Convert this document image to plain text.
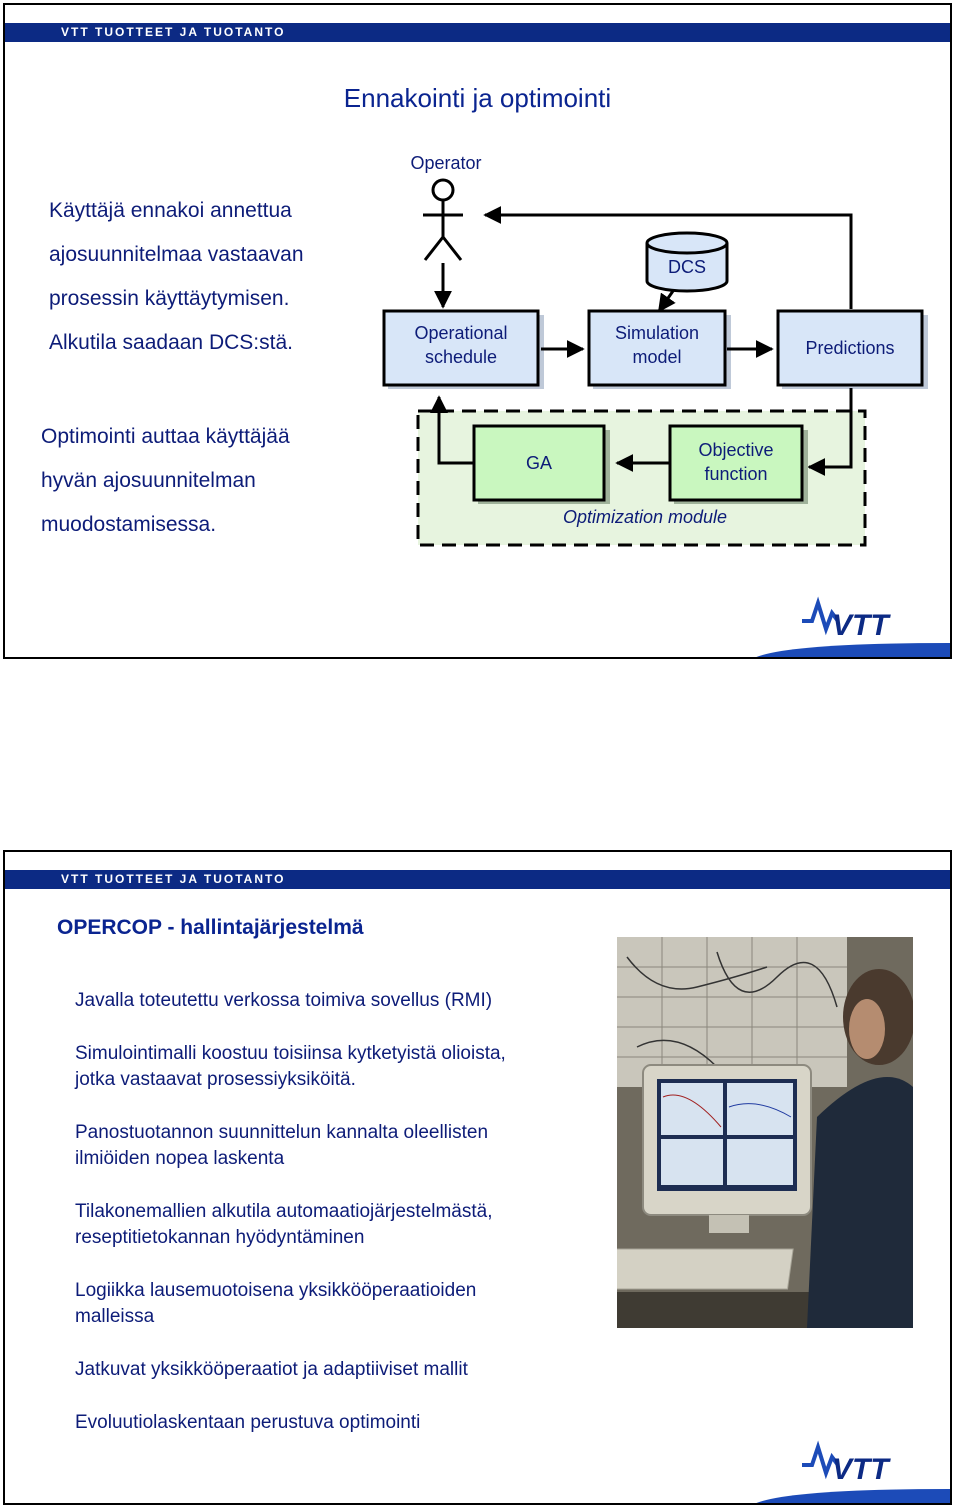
VTT TUOTTEET JA TUOTANTO
Ennakointi ja optimointi
Käyttäjä ennakoi annettua
ajosuunnitelmaa vastaavan
prosessin käyttäytymisen.
Alkutila saadaan DCS:stä.
Optimointi auttaa käyttäjää
hyvän ajosuunnitelman
muodostamisessa.
Operator
DCS
Operational
schedule
Simulation
model	Predictions
Objective
function
GA
Optimization module
VTT
VTT TUOTTEET JA TUOTANTO
OPERCOP - hallintajärjestelmä
Javalla toteutettu verkossa toimiva sovellus (RMI)
Simulointimalli koostuu toisiinsa kytketyistä olioista,
jotka vastaavat prosessiyksiköitä.
Panostuotannon suunnittelun kannalta oleellisten
ilmiöiden nopea laskenta
Tilakonemallien alkutila automaatiojärjestelmästä,
reseptitietokannan hyödyntäminen
Logiikka lausemuotoisena yksikkööperaatioiden
malleissa
Jatkuvat yksikkööperaatiot ja adaptiiviset mallit
Evoluutiolaskentaan perustuva optimointi
VTT
